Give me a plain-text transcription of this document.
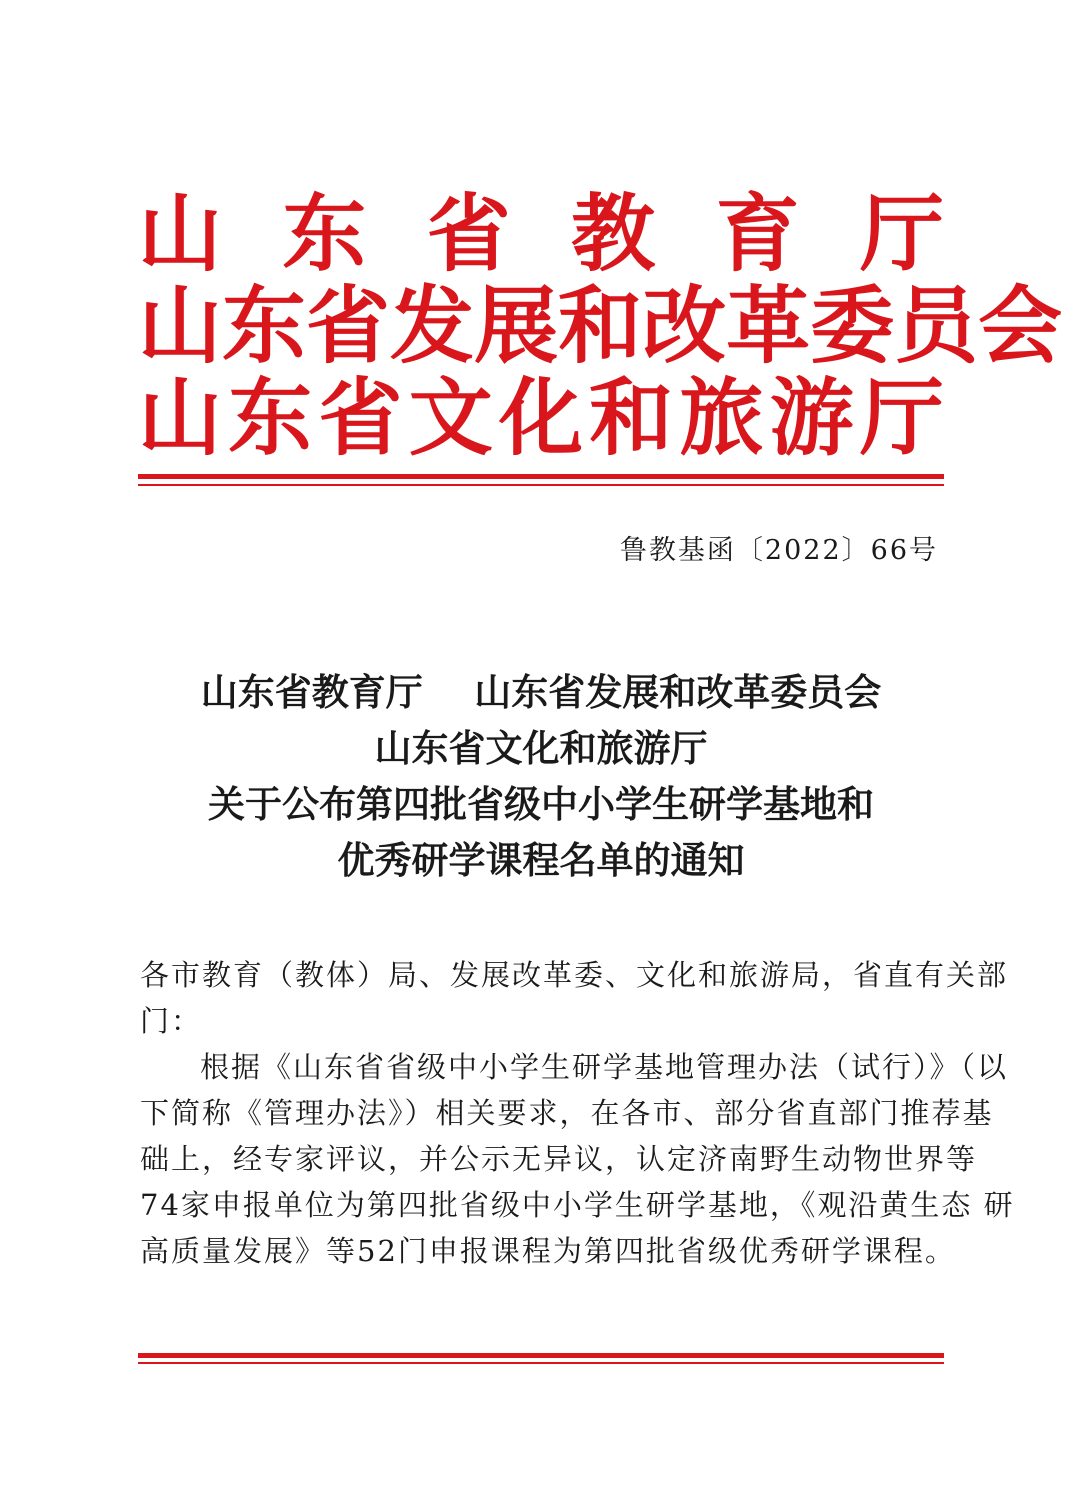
山 东 省 教 育 厅
山 东 省 发 展 和 改 革 委 员 会
山 东 省 文 化 和 旅 游 厅
鲁教基函〔2022〕66号
山东省教育厅    山东省发展和改革委员会
山东省文化和旅游厅
关于公布第四批省级中小学生研学基地和
优秀研学课程名单的通知
各市教育（教体）局、发展改革委、文化和旅游局，省直有关部
门：
根据《山东省省级中小学生研学基地管理办法（试行）》（以
下简称《管理办法》）相关要求，在各市、部分省直部门推荐基
础上，经专家评议，并公示无异议，认定济南野生动物世界等
74家申报单位为第四批省级中小学生研学基地，《观沿黄生态 研
高质量发展》等52门申报课程为第四批省级优秀研学课程。
